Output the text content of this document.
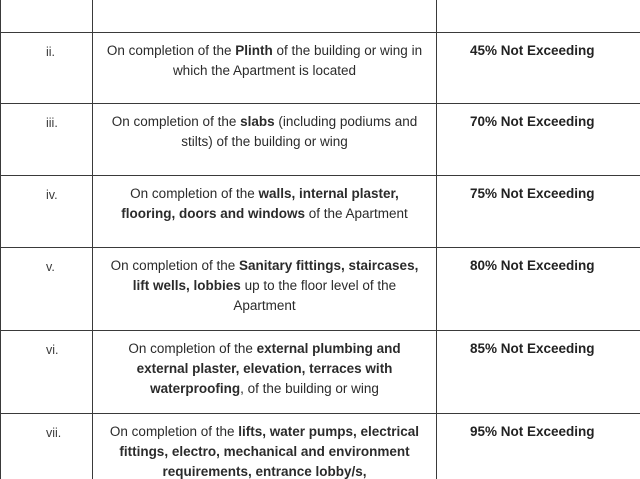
ii.	On completion of the Plinth of the building or wing in which the Apartment is located	45% Not Exceeding
iii.	On completion of the slabs (including podiums and stilts) of the building or wing	70% Not Exceeding
iv.	On completion of the walls, internal plaster, flooring, doors and windows of the Apartment	75% Not Exceeding
v.	On completion of the Sanitary fittings, staircases, lift wells, lobbies up to the floor level of the Apartment	80% Not Exceeding
vi.	On completion of the external plumbing and external plaster, elevation, terraces with waterproofing, of the building or wing	85% Not Exceeding
vii.	On completion of the lifts, water pumps, electrical fittings, electro, mechanical and environment requirements, entrance lobby/s,	95% Not Exceeding
